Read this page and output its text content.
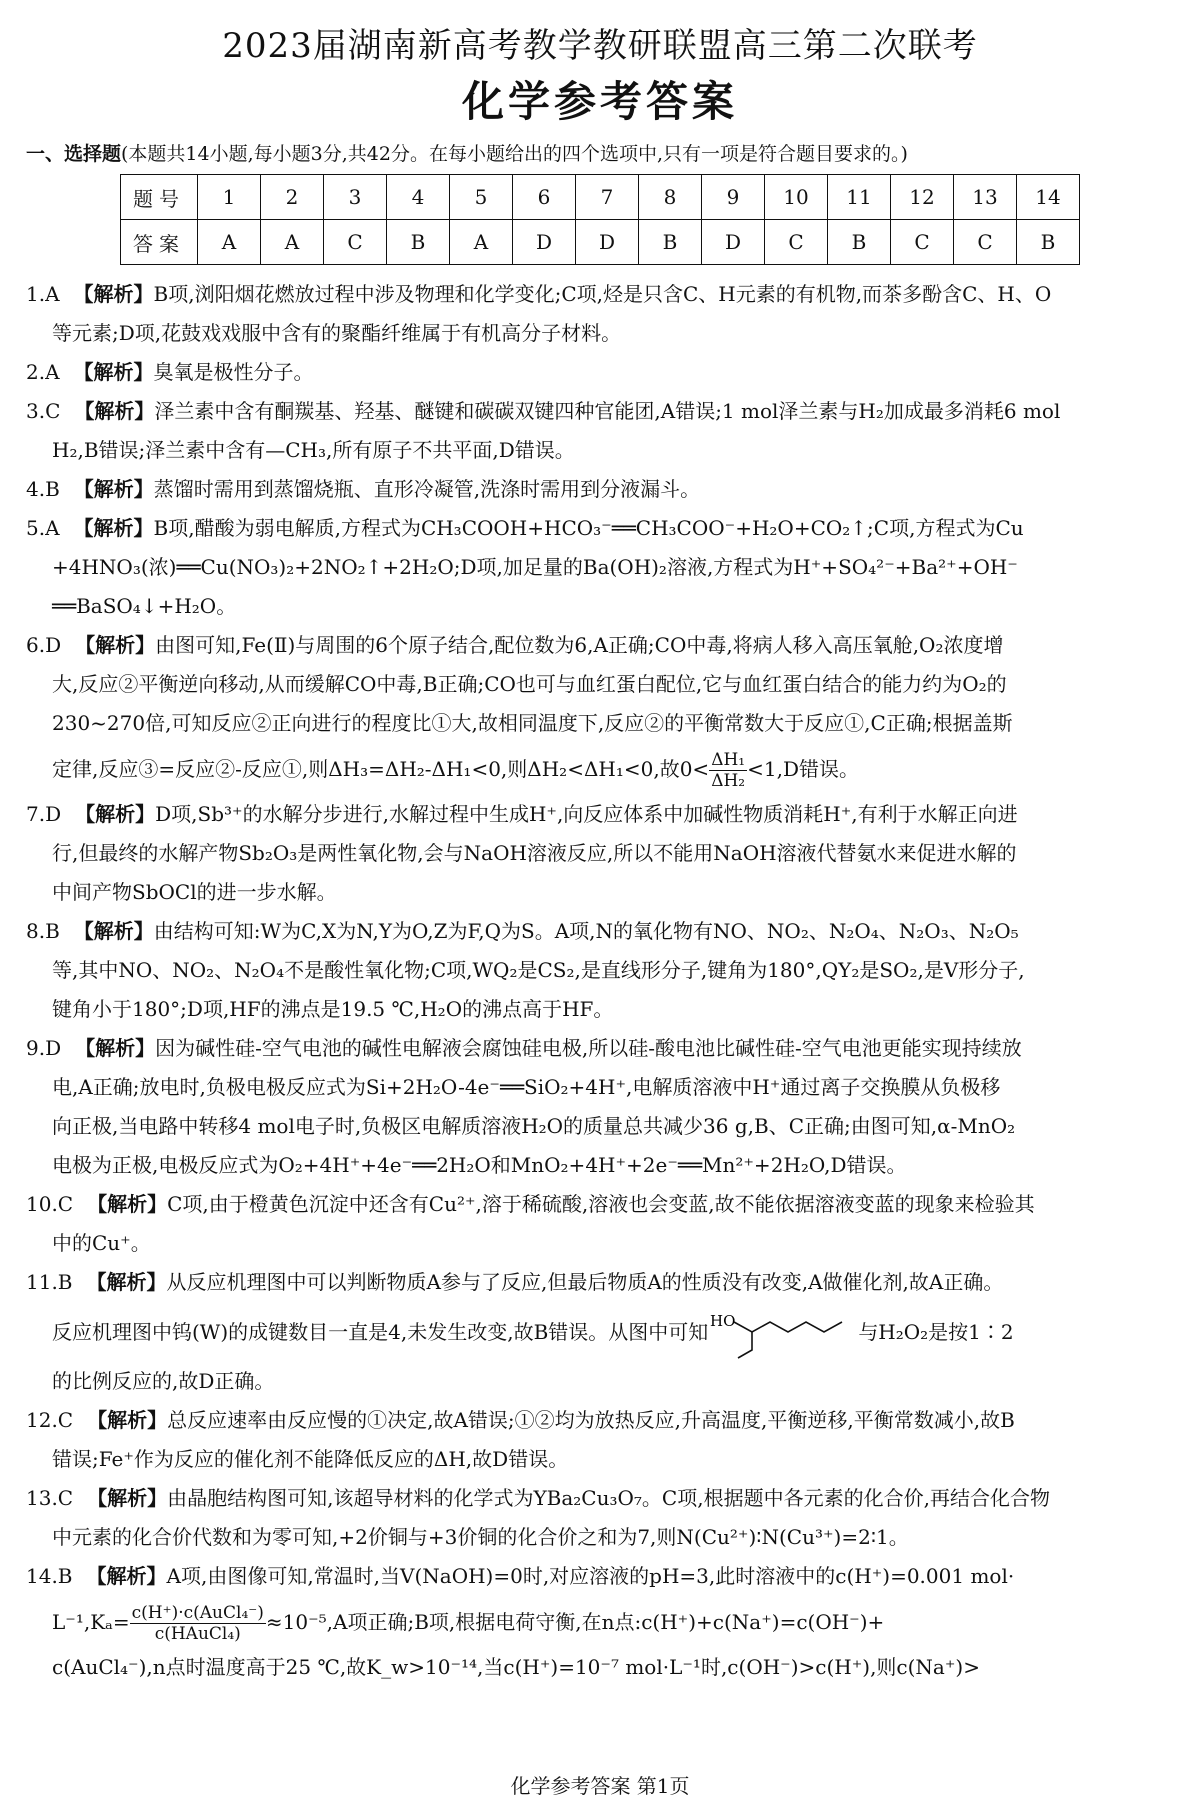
2023届湖南新高考教学教研联盟高三第二次联考
化学参考答案
一、选择题(本题共14小题,每小题3分,共42分。在每小题给出的四个选项中,只有一项是符合题目要求的。)
题号	1	2	3	4	5	6	7	8	9	10	11	12	13	14
答案	A	A	C	B	A	D	D	B	D	C	B	C	C	B

1.A 【解析】B项,浏阳烟花燃放过程中涉及物理和化学变化;C项,烃是只含C、H元素的有机物,而茶多酚含C、H、O

等元素;D项,花鼓戏戏服中含有的聚酯纤维属于有机高分子材料。

2.A 【解析】臭氧是极性分子。

3.C 【解析】泽兰素中含有酮羰基、羟基、醚键和碳碳双键四种官能团,A错误;1 mol泽兰素与H₂加成最多消耗6 mol

H₂,B错误;泽兰素中含有—CH₃,所有原子不共平面,D错误。

4.B 【解析】蒸馏时需用到蒸馏烧瓶、直形冷凝管,洗涤时需用到分液漏斗。

5.A 【解析】B项,醋酸为弱电解质,方程式为CH₃COOH+HCO₃⁻══CH₃COO⁻+H₂O+CO₂↑;C项,方程式为Cu

+4HNO₃(浓)══Cu(NO₃)₂+2NO₂↑+2H₂O;D项,加足量的Ba(OH)₂溶液,方程式为H⁺+SO₄²⁻+Ba²⁺+OH⁻

══BaSO₄↓+H₂O。

6.D 【解析】由图可知,Fe(Ⅱ)与周围的6个原子结合,配位数为6,A正确;CO中毒,将病人移入高压氧舱,O₂浓度增

大,反应②平衡逆向移动,从而缓解CO中毒,B正确;CO也可与血红蛋白配位,它与血红蛋白结合的能力约为O₂的

230~270倍,可知反应②正向进行的程度比①大,故相同温度下,反应②的平衡常数大于反应①,C正确;根据盖斯

定律,反应③=反应②-反应①,则ΔH₃=ΔH₂-ΔH₁<0,则ΔH₂<ΔH₁<0,故$0< \frac{\text{ΔH₁}}{\text{ΔH₂}} <1,D$错误。

7.D 【解析】D项,Sb³⁺的水解分步进行,水解过程中生成H⁺,向反应体系中加碱性物质消耗H⁺,有利于水解正向进

行,但最终的水解产物Sb₂O₃是两性氧化物,会与NaOH溶液反应,所以不能用NaOH溶液代替氨水来促进水解的

中间产物SbOCl的进一步水解。

8.B 【解析】由结构可知:W为C,X为N,Y为O,Z为F,Q为S。A项,N的氧化物有NO、NO₂、N₂O₄、N₂O₃、N₂O₅

等,其中NO、NO₂、N₂O₄不是酸性氧化物;C项,WQ₂是CS₂,是直线形分子,键角为180°,QY₂是SO₂,是V形分子,

键角小于180°;D项,HF的沸点是19.5 ℃,H₂O的沸点高于HF。

9.D 【解析】因为碱性硅-空气电池的碱性电解液会腐蚀硅电极,所以硅-酸电池比碱性硅-空气电池更能实现持续放

电,A正确;放电时,负极电极反应式为Si+2H₂O-4e⁻══SiO₂+4H⁺,电解质溶液中H⁺通过离子交换膜从负极移

向正极,当电路中转移4 mol电子时,负极区电解质溶液H₂O的质量总共减少36 g,B、C正确;由图可知,α-MnO₂

电极为正极,电极反应式为O₂+4H⁺+4e⁻══2H₂O和MnO₂+4H⁺+2e⁻══Mn²⁺+2H₂O,D错误。

10.C 【解析】C项,由于橙黄色沉淀中还含有Cu²⁺,溶于稀硫酸,溶液也会变蓝,故不能依据溶液变蓝的现象来检验其

中的Cu⁺。

11.B 【解析】从反应机理图中可以判断物质A参与了反应,但最后物质A的性质没有改变,A做催化剂,故A正确。

反应机理图中钨(W)的成键数目一直是4,未发生改变,故B错误。从图中可知 HO	与H₂O₂是按1∶2

的比例反应的,故D正确。

12.C 【解析】总反应速率由反应慢的①决定,故A错误;①②均为放热反应,升高温度,平衡逆移,平衡常数减小,故B

错误;Fe⁺作为反应的催化剂不能降低反应的ΔH,故D错误。

13.C 【解析】由晶胞结构图可知,该超导材料的化学式为YBa₂Cu₃O₇。C项,根据题中各元素的化合价,再结合化合物

中元素的化合价代数和为零可知,+2价铜与+3价铜的化合价之和为7,则N(Cu²⁺)∶N(Cu³⁺)=2∶1。

14.B 【解析】A项,由图像可知,常温时,当V(NaOH)=0时,对应溶液的pH=3,此时溶液中的c(H⁺)=0.001 mol·

$L^{-1},K_a= \frac{\text{c(H⁺)·c(AuCl₄⁻)}}{\text{c(HAuCl₄)}} \approx 10^{-5},A$项正确;B项,根据电荷守衡,在n点:c(H⁺)+c(Na⁺)=c(OH⁻)+

c(AuCl₄⁻),n点时温度高于25 ℃,故K_w>10⁻¹⁴,当c(H⁺)=10⁻⁷ mol·L⁻¹时,c(OH⁻)>c(H⁺),则c(Na⁺)>

化学参考答案 第1页
